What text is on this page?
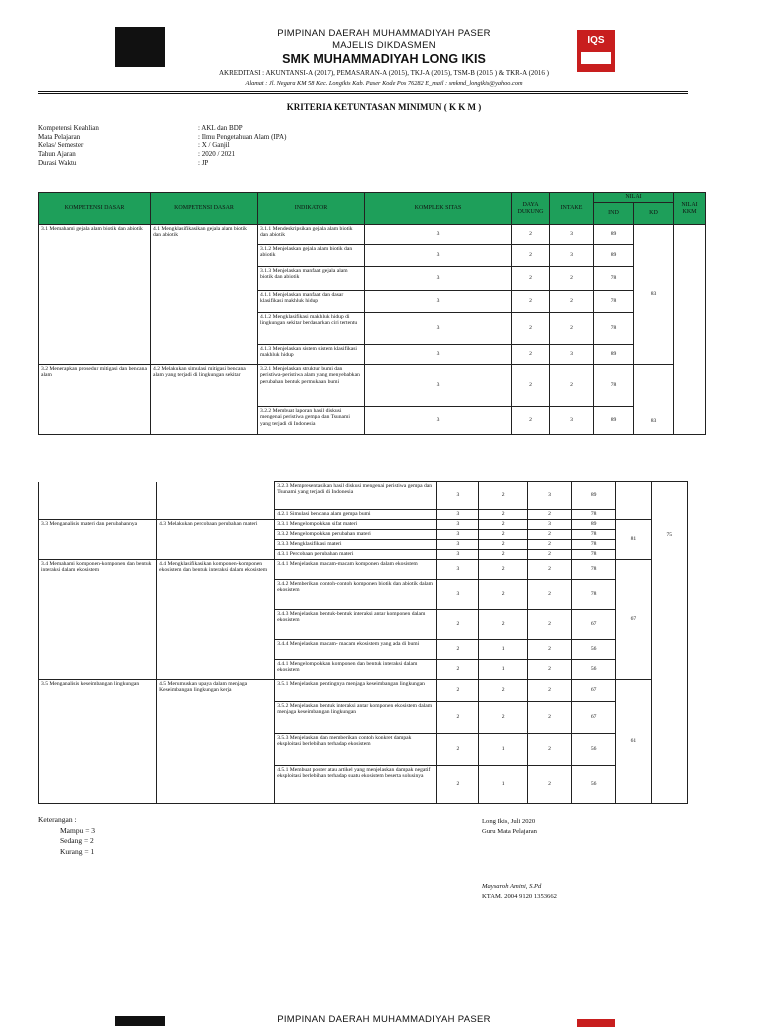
IQS
PIMPINAN DAERAH MUHAMMADIYAH PASER
MAJELIS DIKDASMEN
SMK MUHAMMADIYAH LONG IKIS
AKREDITASI : AKUNTANSI-A (2017), PEMASARAN-A (2015), TKJ-A (2015), TSM-B (2015 ) & TKR-A (2016 )
Alamat : Jl. Negara KM 58 Kec. Longikis Kab. Paser Kode Pos 76282 E_mail : smkmd_longikis@yahoo.com
KRITERIA KETUNTASAN MINIMUN ( K K M )
Kompetensi Keahlian	: AKL dan BDP
Mata Pelajaran	: Ilmu Pengetahuan Alam (IPA)
Kelas/ Semester	: X / Ganjil
Tahun Ajaran	: 2020 / 2021
Durasi Waktu	: JP
KOMPETENSI DASAR	KOMPETENSI DASAR	INDIKATOR	KOMPLEK SITAS	DAYA DUKUNG	INTAKE	NILAI		NILAI KKM
						IND	KD	
3.1 Memahami gejala alam biotik dan abiotik	4.1 Mengklasifikasikan gejala alam biotik dan abiotik	3.1.1 Mendeskripsikan gejala alam biotik dan abiotik	3	2	3	89	83	
		3.1.2 Menjelaskan gejala alam biotik dan abiotik	3	2	3	89		
		3.1.3 Menjelaskan manfaat gejala alam biotik dan abiotik	3	2	2	78		
		4.1.1 Menjelaskan manfaat dan dasar klasifikasi makhluk hidup	3	2	2	78		
		4.1.2 Mengklasifikasi makhluk hidup di lingkungan sekitar berdasarkan ciri tertentu	3	2	2	78		
		4.1.3 Menjelaskan sistem sistem klasifikasi makhluk hidup	3	2	3	89		
3.2 Menerapkan prosedur mitigasi dan bencana alam	4.2 Melakukan simulasi mitigasi bencana alam yang terjadi di lingkungan sekitar	3.2.1 Menjelaskan struktur bumi dan peristiwa-peristiwa alam yang menyebabkan perubahan bentuk permukaan bumi	3	2	2	78	83	
		3.2.2 Membuat laporan hasil diskusi mengenai peristiwa gempa dan Tsunami yang terjadi di Indonesia	3	2	3	89		
		3.2.3 Mempresentasikan hasil diskusi mengenai peristiwa gempa dan Tsunami yang terjadi di Indonesia	3	2	3	89		75
		4.2.1 Simulasi bencana alam gempa bumi	3	2	2	78		
3.3 Menganalisis materi dan perubahannya	4.3 Melakukan percobaan perubahan materi	3.3.1 Mengelompokkan sifat materi	3	2	3	89	81	
		3.3.2 Mengelompokkan perubahan materi	3	2	2	78		
		3.3.3 Mengklasifikasi materi	3	2	2	78		
		4.3.1 Percobaan perubahan materi	3	2	2	78		
3.4 Memahami komponen-komponen dan bentuk interaksi dalam ekosistem	4.4 Mengklasifikasikan komponen-komponen ekosistem dan bentuk interaksi dalam ekosistem	3.4.1 Menjelaskan macam-macam komponen dalam ekosistem	3	2	2	78	67	
		3.4.2 Memberikan contoh-contoh komponen biotik dan abiotik dalam ekosistem	3	2	2	78		
		3.4.3 Menjelaskan bentuk-bentuk interaksi antar komponen dalam ekosistem	2	2	2	67		
		3.4.4 Menjelaskan macam- macam ekosistem yang ada di bumi	2	1	2	56		
		4.4.1 Mengelompokkan komponen dan bentuk interaksi dalam ekosistem	2	1	2	56		
3.5 Menganalisis keseimbangan lingkungan	4.5 Merumuskan upaya dalam menjaga Keseimbangan lingkungan kerja	3.5.1 Menjelaskan pentingnya menjaga keseimbangan lingkungan	2	2	2	67	61	
		3.5.2 Menjelaskan bentuk interaksi antar komponen ekosistem dalam menjaga keseimbangan lingkungan	2	2	2	67		
		3.5.3 Menjelaskan dan memberikan contoh konkret dampak eksploitasi berlebihan terhadap ekosistem	2	1	2	56		
		4.5.1 Membuat poster atau artikel yang menjelaskan dampak negatif eksploitasi berlebihan terhadap suatu ekosistem beserta solusinya	2	1	2	56		
Keterangan :
Mampu = 3
Sedang = 2
Kurang = 1
Long Ikis, Juli 2020
Guru Mata Pelajaran
Maysaroh Amini, S.Pd
KTAM. 2004 9120 1353662
PIMPINAN DAERAH MUHAMMADIYAH PASER
